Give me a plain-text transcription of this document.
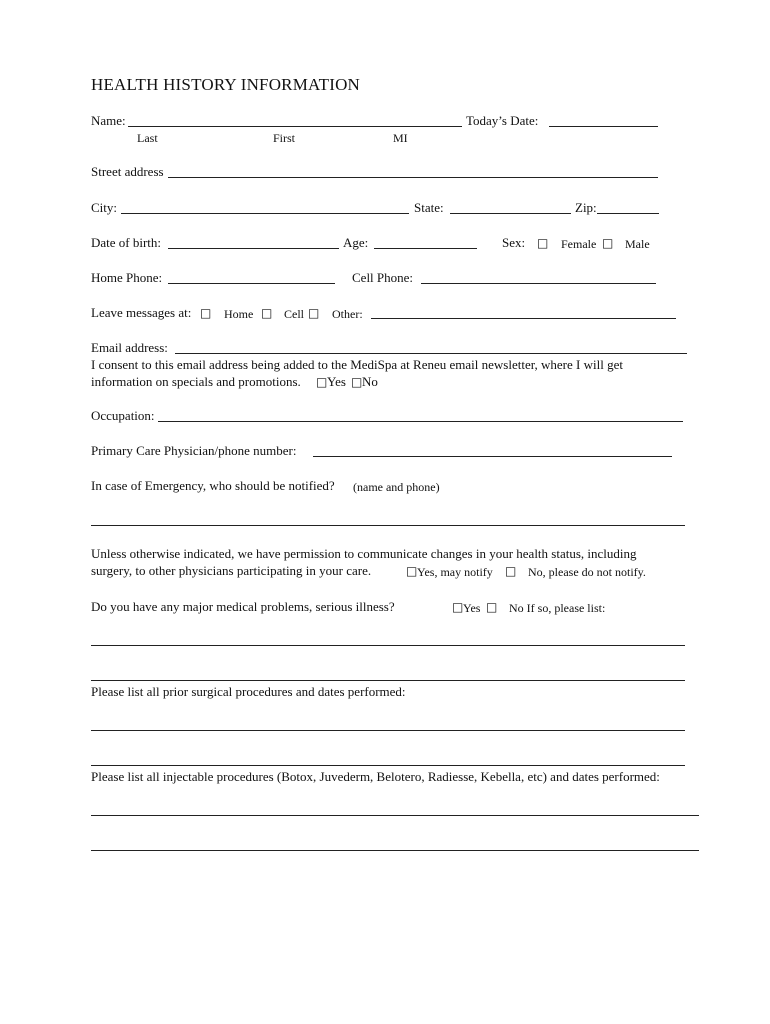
HEALTH HISTORY INFORMATION
Name:	Today’s Date:
Last	First	MI
Street address
City:	State:	Zip:
Date of birth:	Age:	Sex: □ Female □ Male
Home Phone:	Cell Phone:
Leave messages at: □ Home □ Cell □ Other:
Email address:
I consent to this email address being added to the MediSpa at Reneu email newsletter, where I will get
information on specials and promotions. □ Yes □ No
Occupation:
Primary Care Physician/phone number:
In case of Emergency, who should be notified? (name and phone)
Unless otherwise indicated, we have permission to communicate changes in your health status, including
surgery, to other physicians participating in your care.	□ Yes, may notify □ No, please do not notify.
Do you have any major medical problems, serious illness?	□ Yes □ No If so, please list:
Please list all prior surgical procedures and dates performed:
Please list all injectable procedures (Botox, Juvederm, Belotero, Radiesse, Kebella, etc) and dates performed:
